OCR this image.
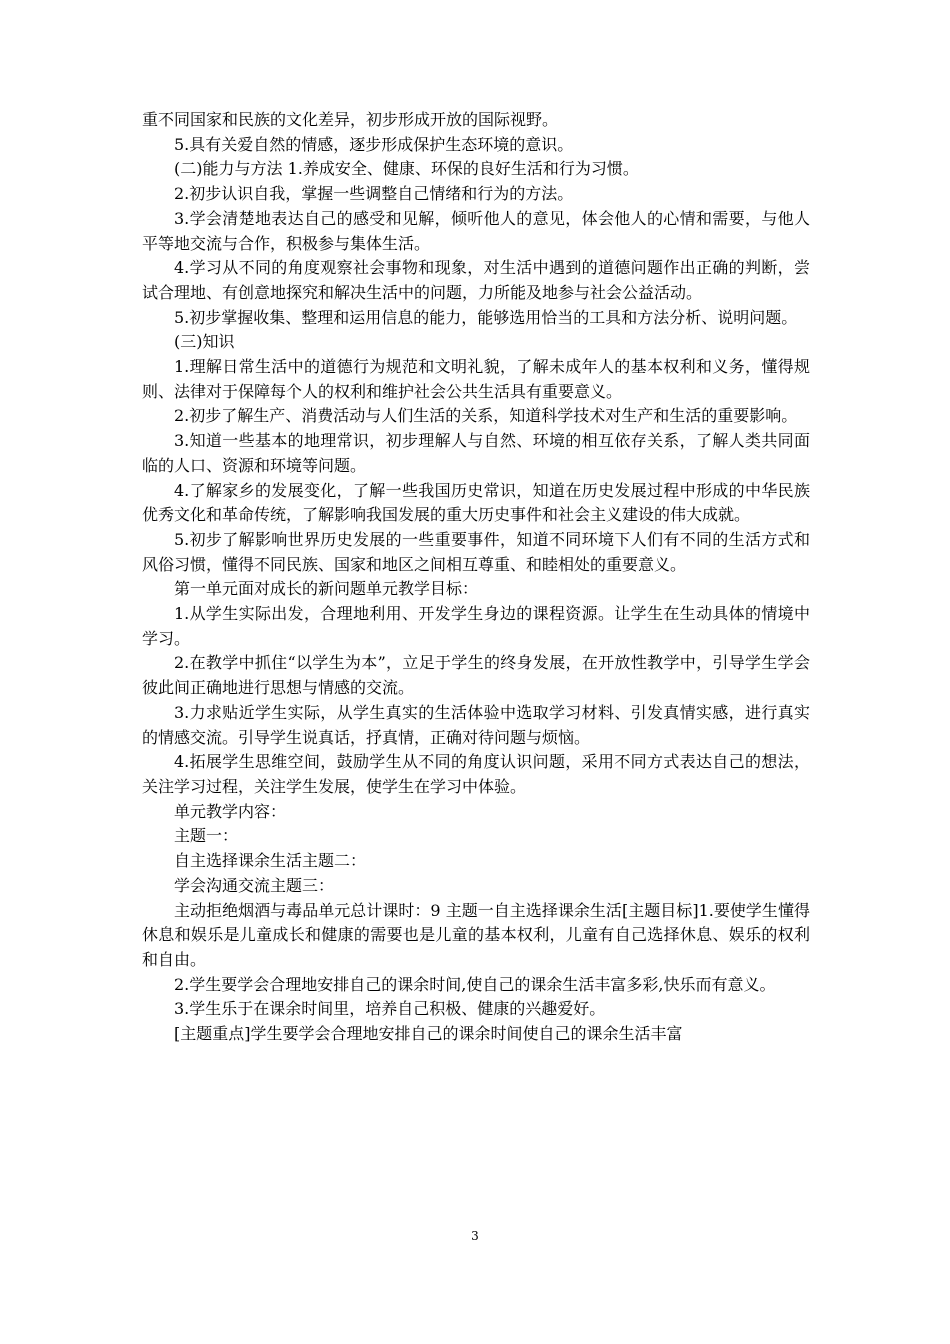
重不同国家和民族的文化差异，初步形成开放的国际视野。

5.具有关爱自然的情感，逐步形成保护生态环境的意识。

(二)能力与方法 1.养成安全、健康、环保的良好生活和行为习惯。

2.初步认识自我，掌握一些调整自己情绪和行为的方法。

3.学会清楚地表达自己的感受和见解，倾听他人的意见，体会他人的心情和需要，与他人平等地交流与合作，积极参与集体生活。

4.学习从不同的角度观察社会事物和现象，对生活中遇到的道德问题作出正确的判断，尝试合理地、有创意地探究和解决生活中的问题，力所能及地参与社会公益活动。

5.初步掌握收集、整理和运用信息的能力，能够选用恰当的工具和方法分析、说明问题。

(三)知识

1.理解日常生活中的道德行为规范和文明礼貌，了解未成年人的基本权利和义务，懂得规则、法律对于保障每个人的权利和维护社会公共生活具有重要意义。

2.初步了解生产、消费活动与人们生活的关系，知道科学技术对生产和生活的重要影响。

3.知道一些基本的地理常识，初步理解人与自然、环境的相互依存关系，了解人类共同面临的人口、资源和环境等问题。

4.了解家乡的发展变化，了解一些我国历史常识，知道在历史发展过程中形成的中华民族优秀文化和革命传统，了解影响我国发展的重大历史事件和社会主义建设的伟大成就。

5.初步了解影响世界历史发展的一些重要事件，知道不同环境下人们有不同的生活方式和风俗习惯，懂得不同民族、国家和地区之间相互尊重、和睦相处的重要意义。

第一单元面对成长的新问题单元教学目标：

1.从学生实际出发，合理地利用、开发学生身边的课程资源。让学生在生动具体的情境中学习。

2.在教学中抓住“以学生为本”，立足于学生的终身发展，在开放性教学中，引导学生学会彼此间正确地进行思想与情感的交流。

3.力求贴近学生实际，从学生真实的生活体验中选取学习材料、引发真情实感，进行真实的情感交流。引导学生说真话，抒真情，正确对待问题与烦恼。

4.拓展学生思维空间，鼓励学生从不同的角度认识问题，采用不同方式表达自己的想法，关注学习过程，关注学生发展，使学生在学习中体验。

单元教学内容：

主题一：

自主选择课余生活主题二：

学会沟通交流主题三：

主动拒绝烟酒与毒品单元总计课时：9 主题一自主选择课余生活[主题目标]1.要使学生懂得休息和娱乐是儿童成长和健康的需要也是儿童的基本权利，儿童有自己选择休息、娱乐的权利和自由。

2.学生要学会合理地安排自己的课余时间,使自己的课余生活丰富多彩,快乐而有意义。

3.学生乐于在课余时间里，培养自己积极、健康的兴趣爱好。

[主题重点]学生要学会合理地安排自己的课余时间使自己的课余生活丰富

3
